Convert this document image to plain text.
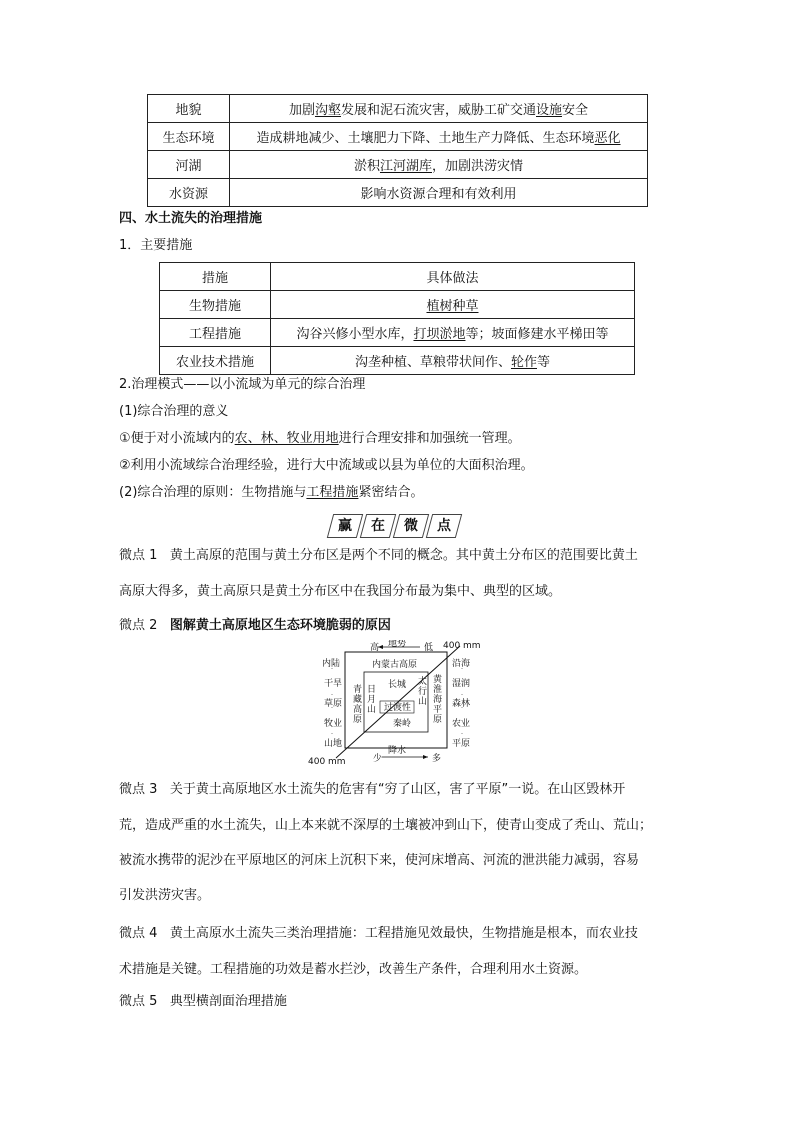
地貌	加剧沟壑发展和泥石流灾害，威胁工矿交通设施安全
生态环境	造成耕地减少、土壤肥力下降、土地生产力降低、生态环境恶化
河湖	淤积江河湖库，加剧洪涝灾情
水资源	影响水资源合理和有效利用
四、水土流失的治理措施
1．主要措施
措施	具体做法
生物措施	植树种草
工程措施	沟谷兴修小型水库，打坝淤地等；坡面修建水平梯田等
农业技术措施	沟垄种植、草粮带状间作、轮作等
2.治理模式——以小流域为单元的综合治理
(1)综合治理的意义
①便于对小流域内的农、林、牧业用地进行合理安排和加强统一管理。
②利用小流域综合治理经验，进行大中流域或以县为单位的大面积治理。
(2)综合治理的原则：生物措施与工程措施紧密结合。
赢	在	微	点
微点 1 黄土高原的范围与黄土分布区是两个不同的概念。其中黄土分布区的范围要比黄土
高原大得多，黄土高原只是黄土分布区中在我国分布最为集中、典型的区域。
微点 2 图解黄土高原地区生态环境脆弱的原因
高 地势 低 400 mm
400 mm
内陆
干旱
草原
牧业
山地
沿海
湿润
森林
农业
平原
内蒙古高原
长城
青
藏
高
原
日
月
山 过渡性
秦岭
太
行
山
黄
淮
海
平
原
少
降水
多
微点 3 关于黄土高原地区水土流失的危害有“穷了山区，害了平原”一说。在山区毁林开
荒，造成严重的水土流失，山上本来就不深厚的土壤被冲到山下，使青山变成了秃山、荒山；
被流水携带的泥沙在平原地区的河床上沉积下来，使河床增高、河流的泄洪能力减弱，容易
引发洪涝灾害。
微点 4 黄土高原水土流失三类治理措施：工程措施见效最快，生物措施是根本，而农业技
术措施是关键。工程措施的功效是蓄水拦沙，改善生产条件，合理利用水土资源。
微点 5 典型横剖面治理措施
